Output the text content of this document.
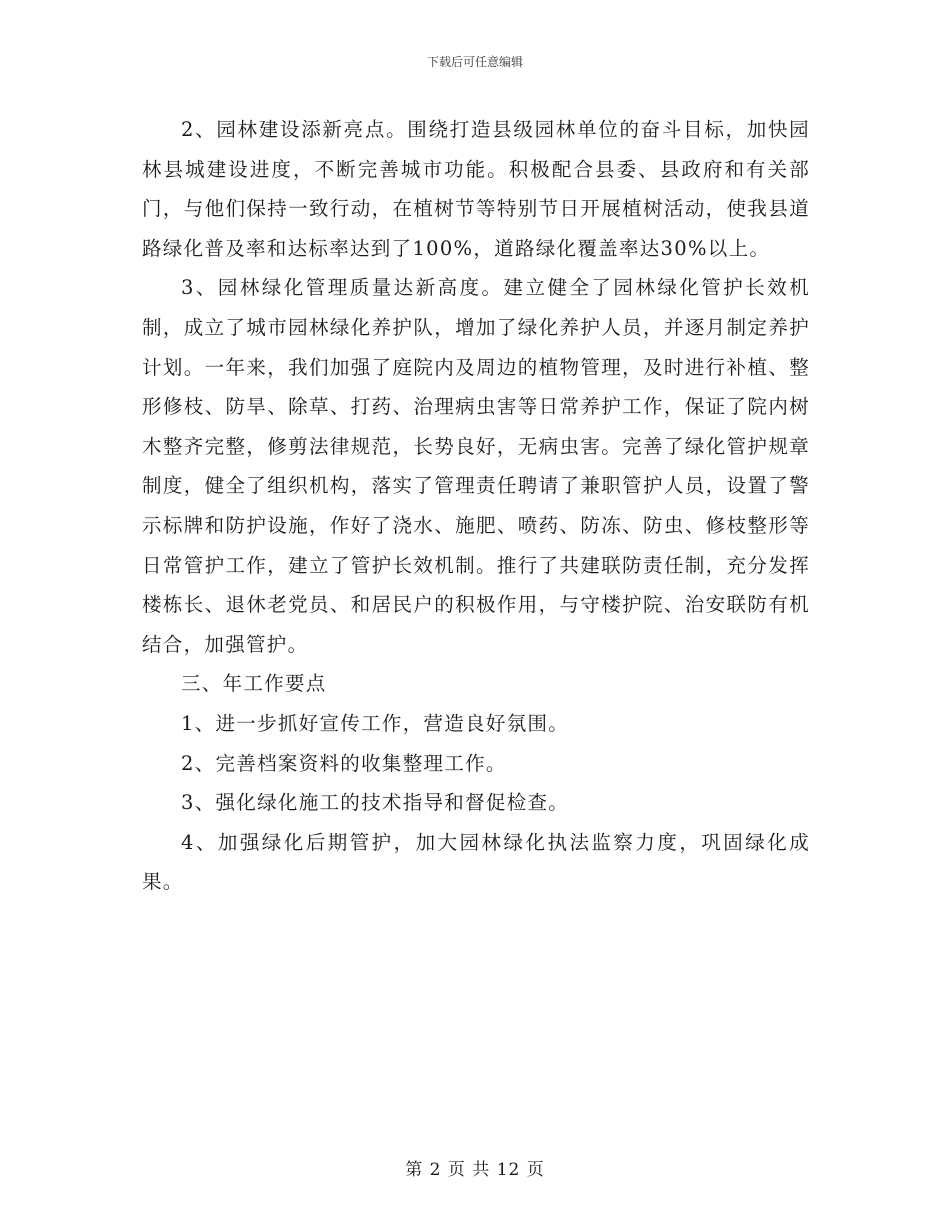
下载后可任意编辑

2、园林建设添新亮点。围绕打造县级园林单位的奋斗目标，加快园林县城建设进度，不断完善城市功能。积极配合县委、县政府和有关部门，与他们保持一致行动，在植树节等特别节日开展植树活动，使我县道路绿化普及率和达标率达到了100%，道路绿化覆盖率达30%以上。

3、园林绿化管理质量达新高度。建立健全了园林绿化管护长效机制，成立了城市园林绿化养护队，增加了绿化养护人员，并逐月制定养护计划。一年来，我们加强了庭院内及周边的植物管理，及时进行补植、整形修枝、防旱、除草、打药、治理病虫害等日常养护工作，保证了院内树木整齐完整，修剪法律规范，长势良好，无病虫害。完善了绿化管护规章制度，健全了组织机构，落实了管理责任聘请了兼职管护人员，设置了警示标牌和防护设施，作好了浇水、施肥、喷药、防冻、防虫、修枝整形等日常管护工作，建立了管护长效机制。推行了共建联防责任制，充分发挥楼栋长、退休老党员、和居民户的积极作用，与守楼护院、治安联防有机结合，加强管护。

三、年工作要点

1、进一步抓好宣传工作，营造良好氛围。

2、完善档案资料的收集整理工作。

3、强化绿化施工的技术指导和督促检查。

4、加强绿化后期管护，加大园林绿化执法监察力度，巩固绿化成果。

第 2 页 共 12 页
